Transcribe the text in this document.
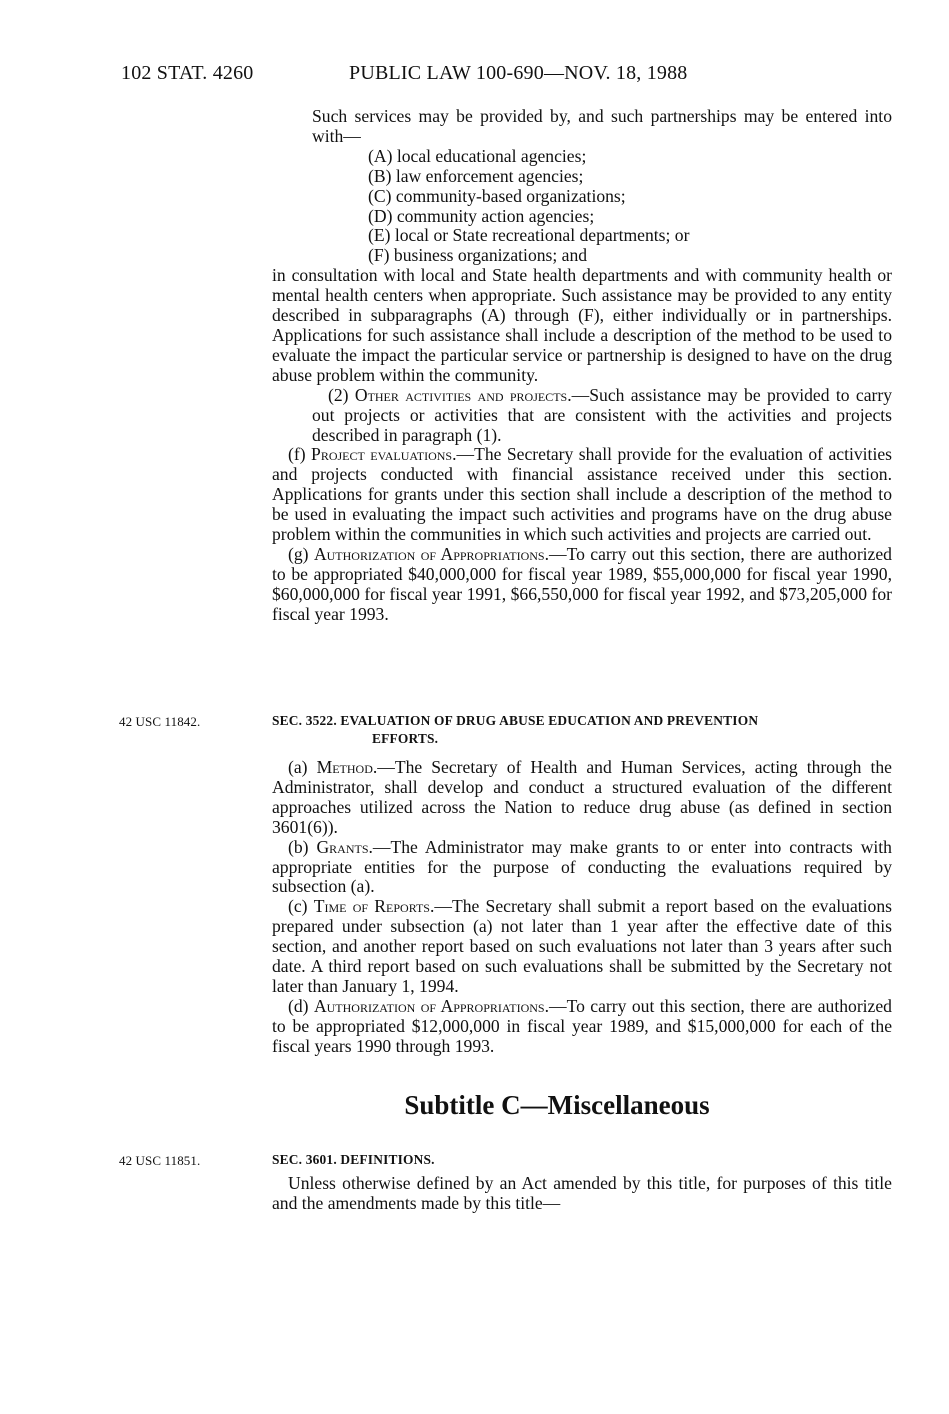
102 STAT. 4260	PUBLIC LAW 100-690—NOV. 18, 1988

Such services may be provided by, and such partnerships may be entered into with—

(A) local educational agencies;
(B) law enforcement agencies;
(C) community-based organizations;
(D) community action agencies;
(E) local or State recreational departments; or
(F) business organizations; and

in consultation with local and State health departments and with community health or mental health centers when appropriate. Such assistance may be provided to any entity described in subparagraphs (A) through (F), either individually or in partnerships. Applications for such assistance shall include a description of the method to be used to evaluate the impact the particular service or partnership is designed to have on the drug abuse problem within the community.

(2) Other activities and projects.—Such assistance may be provided to carry out projects or activities that are consistent with the activities and projects described in paragraph (1).

(f) Project evaluations.—The Secretary shall provide for the evaluation of activities and projects conducted with financial assistance received under this section. Applications for grants under this section shall include a description of the method to be used in evaluating the impact such activities and programs have on the drug abuse problem within the communities in which such activities and projects are carried out.

(g) Authorization of Appropriations.—To carry out this section, there are authorized to be appropriated $40,000,000 for fiscal year 1989, $55,000,000 for fiscal year 1990, $60,000,000 for fiscal year 1991, $66,550,000 for fiscal year 1992, and $73,205,000 for fiscal year 1993.

42 USC 11842.	SEC. 3522. EVALUATION OF DRUG ABUSE EDUCATION AND PREVENTION
EFFORTS.

(a) Method.—The Secretary of Health and Human Services, acting through the Administrator, shall develop and conduct a structured evaluation of the different approaches utilized across the Nation to reduce drug abuse (as defined in section 3601(6)).

(b) Grants.—The Administrator may make grants to or enter into contracts with appropriate entities for the purpose of conducting the evaluations required by subsection (a).

(c) Time of Reports.—The Secretary shall submit a report based on the evaluations prepared under subsection (a) not later than 1 year after the effective date of this section, and another report based on such evaluations not later than 3 years after such date. A third report based on such evaluations shall be submitted by the Secretary not later than January 1, 1994.

(d) Authorization of Appropriations.—To carry out this section, there are authorized to be appropriated $12,000,000 in fiscal year 1989, and $15,000,000 for each of the fiscal years 1990 through 1993.

Subtitle C—Miscellaneous
42 USC 11851.	SEC. 3601. DEFINITIONS.

Unless otherwise defined by an Act amended by this title, for purposes of this title and the amendments made by this title—
